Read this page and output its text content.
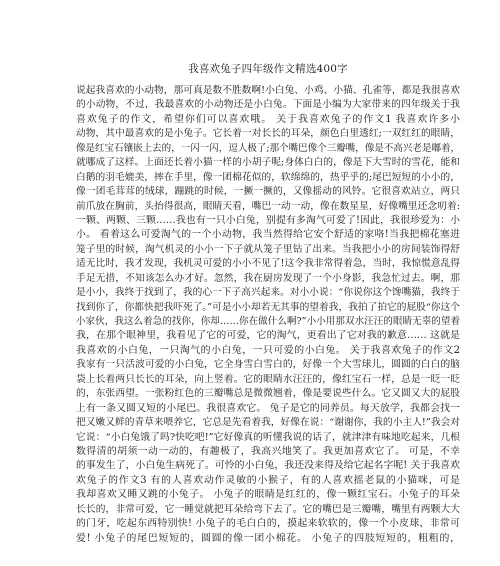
我喜欢兔子四年级作文精选400字
说起我喜欢的小动物，那可真是数不胜数啊!小白兔、小鸡、小猫、孔雀等，都是我很喜欢
的小动物，不过，我最喜欢的小动物还是小白兔。下面是小编为大家带来的四年级关于我
喜欢兔子的作文，希望你们可以喜欢哦。 关于我喜欢兔子的作文1 我喜欢许多小
动物，其中最喜欢的是小兔子。它长着一对长长的耳朵，颜色白里透红;一双红红的眼睛，
像是红宝石镶嵌上去的，一闪一闪，逗人极了;那个嘴巴像个三瓣嘴，像是不高兴老是嘟着，
就哪成了这样。上面还长着小猫一样的小胡子呢;身体白白的，像是下大雪时的雪花，能和
白鹅的羽毛媲美，摔在手里，像一团棉花似的，软绵绵的，热乎乎的;尾巴短短的小小的，
像一团毛茸茸的绒球，蹦跳的时候，一撅一撅的，又像摇动的风铃。它很喜欢站立，两只
前爪放在胸前，头抬得很高，眼睛天看，嘴巴一动一动，像在数星星，好像嘴里还念叨着:
一颗、两颗、三颗……我也有一只小白兔，别提有多淘气可爱了!因此，我很珍爱为：小
小。 看着这么可爱淘气的一个小动物，我当然得给它安个舒适的家咯!当我把棉花塞进
笼子里的时候，淘气机灵的小小一下子就从笼子里钻了出来。当我把小小的房间装饰得舒
适无比时，我才发现，我机灵可爱的小小不见了!这令我非常得着急，当时，我惊慌意乱得
手足无措，不知该怎么办才好。忽然，我在厨房发现了一个小身影，我急忙过去。啊，那
是小小，我终于找到了，我的心一下子高兴起来。对小小说：“你说你这个馋嘴猫，我终于
找到你了，你都快把我吓死了。”可是小小却若无其事的望着我，我拍了拍它的屁股“你这个
小家伙，我这么着急的找你，你却……你在做什么啊?”小小用那双水汪汪的眼睛无辜的望着
我，在那个眼神里，我看见了它的可爱，它的淘气，更看出了它对我的歉意…… 这就是
我喜欢的小白兔，一只淘气的小白兔，一只可爱的小白兔。 关于我喜欢兔子的作文2
我家有一只活波可爱的小白兔，它全身雪白雪白的，好像一个大雪球儿，圆圆的白白的脑
袋上长着两只长长的耳朵，向上竖着。它的眼睛水汪汪的，像红宝石一样，总是一眨一眨
的，东张西望。一张粉红色的三瓣嘴总是微微翘着，像是要说些什么。它又圆又大的屁股
上有一条又圆又短的小尾巴。我很喜欢它。 兔子是它的同养员。每天放学，我都会找一
把又嫩又鲜的青草来喂养它，它总是先看着我，好像在说：“谢谢你，我的小主人!”我会对
它说：“小白兔饿了吗?快吃吧!”它好像真的听懂我说的话了，就津津有味地吃起来，几根
数得清的胡须一动一动的，有趣极了，我高兴地笑了。我更加喜欢它了。 可是，不幸
的事发生了，小白兔生病死了。可怜的小白兔，我还没来得及给它起名字呢! 关于我喜欢
欢兔子的作文3 有的人喜欢动作灵敏的小猴子，有的人喜欢摇老鼠的小猫咪，可是
我却喜欢又睡又跳的小兔子。 小兔子的眼睛是红红的，像一颗红宝石。小兔子的耳朵
长长的，非常可爱，它一睡觉就把耳朵给弯下去了。它的嘴巴是三瓣嘴，嘴里有两颗大大
的门牙，吃起东西特别快! 小兔子的毛白白的，摸起来软软的，像一个小皮球，非常可
爱! 小兔子的尾巴短短的，圆圆的像一团小棉花。 小兔子的四肢短短的，粗粗的，
